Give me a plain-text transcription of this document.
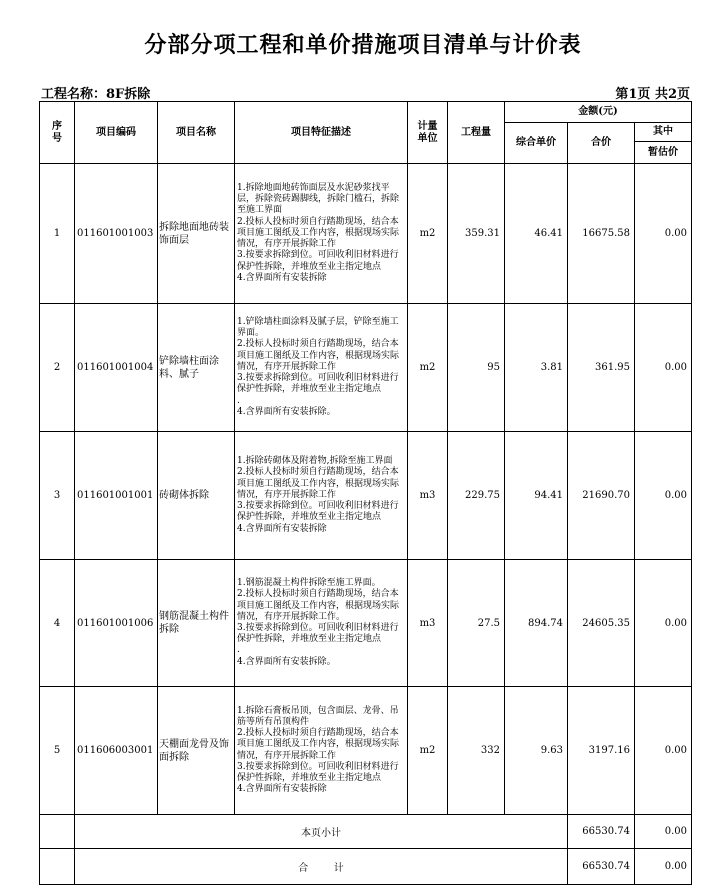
分部分项工程和单价措施项目清单与计价表
工程名称：8F拆除	第1页 共2页
序号	项目编码	项目名称	项目特征描述	计量单位	工程量	金额(元)		
						综合单价	合价	其中
								暂估价
1	011601001003	拆除地面地砖装饰面层	1.拆除地面地砖饰面层及水泥砂浆找平层，拆除瓷砖踢脚线，拆除门槛石，拆除至施工界面
2.投标人投标时须自行踏勘现场，结合本项目施工图纸及工作内容，根据现场实际情况，有序开展拆除工作
3.按要求拆除到位。可回收利旧材料进行保护性拆除，并堆放至业主指定地点
4.含界面所有安装拆除	m2	359.31	46.41	16675.58	0.00
2	011601001004	铲除墙柱面涂料、腻子	1.铲除墙柱面涂料及腻子层，铲除至施工界面。
2.投标人投标时须自行踏勘现场，结合本项目施工图纸及工作内容，根据现场实际情况，有序开展拆除工作
3.按要求拆除到位。可回收利旧材料进行保护性拆除，并堆放至业主指定地点
.
4.含界面所有安装拆除。	m2	95	3.81	361.95	0.00
3	011601001001	砖砌体拆除	1.拆除砖砌体及附着物,拆除至施工界面
2.投标人投标时须自行踏勘现场，结合本项目施工图纸及工作内容，根据现场实际情况，有序开展拆除工作
3.按要求拆除到位。可回收利旧材料进行保护性拆除，并堆放至业主指定地点
4.含界面所有安装拆除	m3	229.75	94.41	21690.70	0.00
4	011601001006	钢筋混凝土构件拆除	1.钢筋混凝土构件拆除至施工界面。
2.投标人投标时须自行踏勘现场，结合本项目施工图纸及工作内容，根据现场实际情况，有序开展拆除工作。
3.按要求拆除到位。可回收利旧材料进行保护性拆除，并堆放至业主指定地点
.
4.含界面所有安装拆除。	m3	27.5	894.74	24605.35	0.00
5	011606003001	天棚面龙骨及饰面拆除	1.拆除石膏板吊顶，包含面层、龙骨、吊筋等所有吊顶构件
2.投标人投标时须自行踏勘现场，结合本项目施工图纸及工作内容，根据现场实际情况，有序开展拆除工作
3.按要求拆除到位。可回收利旧材料进行保护性拆除，并堆放至业主指定地点
4.含界面所有安装拆除	m2	332	9.63	3197.16	0.00
	本页小计						66530.74	0.00
	合        计						66530.74	0.00
